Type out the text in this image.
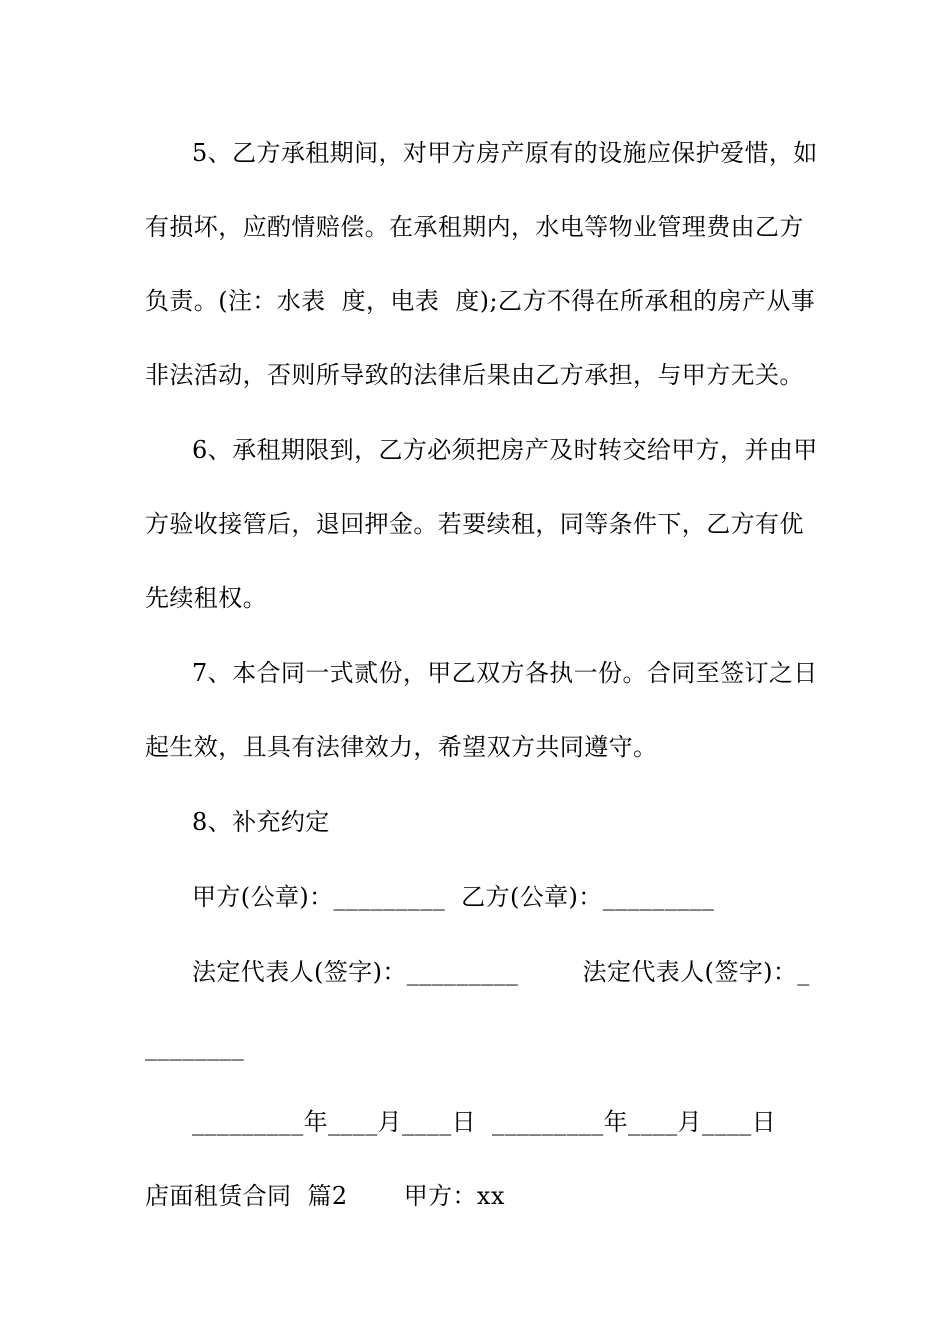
5、乙方承租期间，对甲方房产原有的设施应保护爱惜，如
有损坏，应酌情赔偿。在承租期内，水电等物业管理费由乙方
负责。(注：水表  度，电表  度);乙方不得在所承租的房产从事
非法活动，否则所导致的法律后果由乙方承担，与甲方无关。
6、承租期限到，乙方必须把房产及时转交给甲方，并由甲
方验收接管后，退回押金。若要续租，同等条件下，乙方有优
先续租权。
7、本合同一式贰份，甲乙双方各执一份。合同至签订之日
起生效，且具有法律效力，希望双方共同遵守。
8、补充约定
甲方(公章)：_________  乙方(公章)：_________
法定代表人(签字)：_________        法定代表人(签字)：_
________
_________年____月____日  _________年____月____日
店面租赁合同  篇2       甲方：xx
